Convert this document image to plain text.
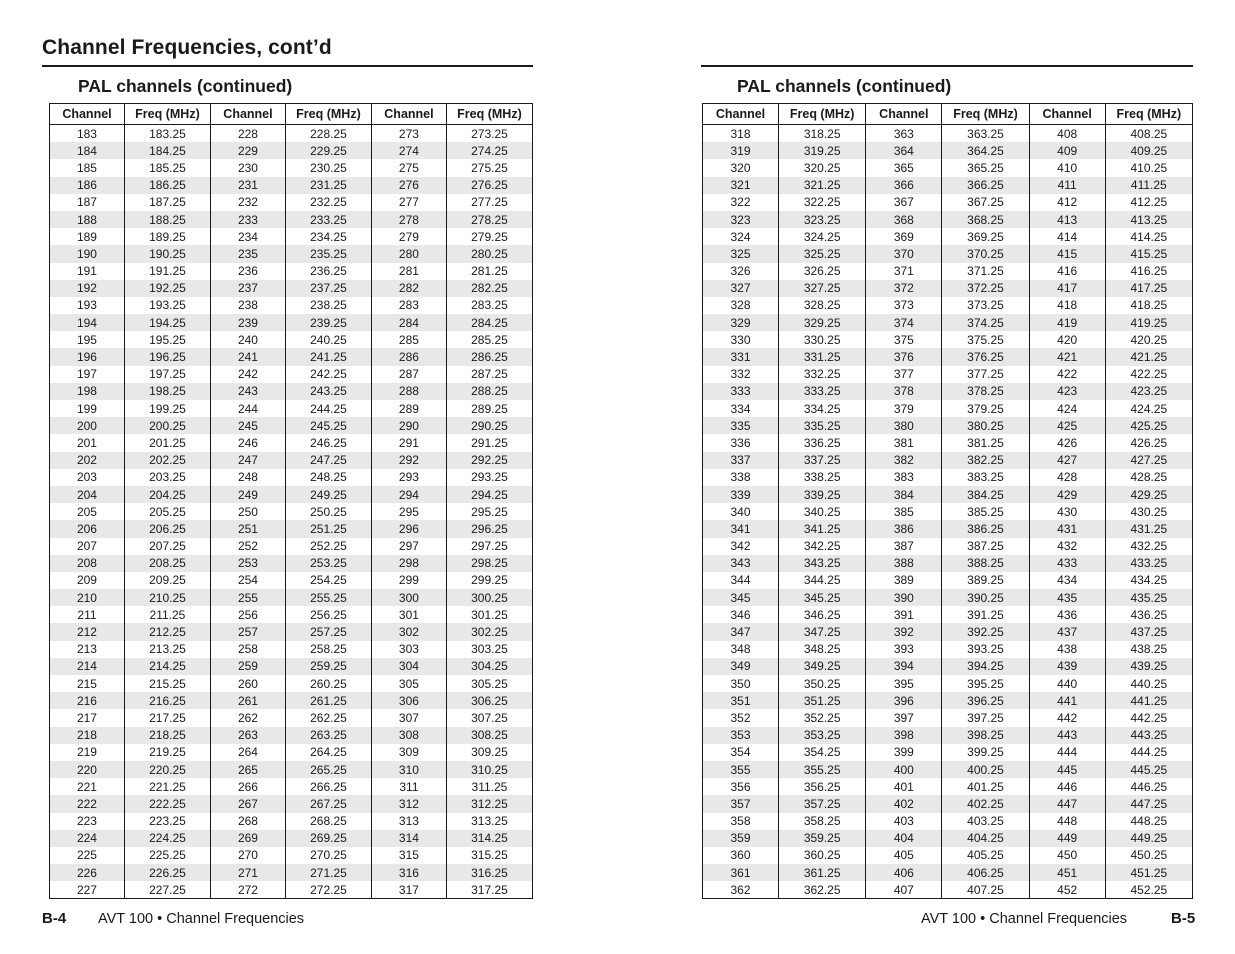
Channel Frequencies, cont’d
PAL channels (continued)
Channel	Freq (MHz)	Channel	Freq (MHz)	Channel	Freq (MHz)
183	183.25	228	228.25	273	273.25
184	184.25	229	229.25	274	274.25
185	185.25	230	230.25	275	275.25
186	186.25	231	231.25	276	276.25
187	187.25	232	232.25	277	277.25
188	188.25	233	233.25	278	278.25
189	189.25	234	234.25	279	279.25
190	190.25	235	235.25	280	280.25
191	191.25	236	236.25	281	281.25
192	192.25	237	237.25	282	282.25
193	193.25	238	238.25	283	283.25
194	194.25	239	239.25	284	284.25
195	195.25	240	240.25	285	285.25
196	196.25	241	241.25	286	286.25
197	197.25	242	242.25	287	287.25
198	198.25	243	243.25	288	288.25
199	199.25	244	244.25	289	289.25
200	200.25	245	245.25	290	290.25
201	201.25	246	246.25	291	291.25
202	202.25	247	247.25	292	292.25
203	203.25	248	248.25	293	293.25
204	204.25	249	249.25	294	294.25
205	205.25	250	250.25	295	295.25
206	206.25	251	251.25	296	296.25
207	207.25	252	252.25	297	297.25
208	208.25	253	253.25	298	298.25
209	209.25	254	254.25	299	299.25
210	210.25	255	255.25	300	300.25
211	211.25	256	256.25	301	301.25
212	212.25	257	257.25	302	302.25
213	213.25	258	258.25	303	303.25
214	214.25	259	259.25	304	304.25
215	215.25	260	260.25	305	305.25
216	216.25	261	261.25	306	306.25
217	217.25	262	262.25	307	307.25
218	218.25	263	263.25	308	308.25
219	219.25	264	264.25	309	309.25
220	220.25	265	265.25	310	310.25
221	221.25	266	266.25	311	311.25
222	222.25	267	267.25	312	312.25
223	223.25	268	268.25	313	313.25
224	224.25	269	269.25	314	314.25
225	225.25	270	270.25	315	315.25
226	226.25	271	271.25	316	316.25
227	227.25	272	272.25	317	317.25
B-4 AVT 100 • Channel Frequencies
PAL channels (continued)
Channel	Freq (MHz)	Channel	Freq (MHz)	Channel	Freq (MHz)
318	318.25	363	363.25	408	408.25
319	319.25	364	364.25	409	409.25
320	320.25	365	365.25	410	410.25
321	321.25	366	366.25	411	411.25
322	322.25	367	367.25	412	412.25
323	323.25	368	368.25	413	413.25
324	324.25	369	369.25	414	414.25
325	325.25	370	370.25	415	415.25
326	326.25	371	371.25	416	416.25
327	327.25	372	372.25	417	417.25
328	328.25	373	373.25	418	418.25
329	329.25	374	374.25	419	419.25
330	330.25	375	375.25	420	420.25
331	331.25	376	376.25	421	421.25
332	332.25	377	377.25	422	422.25
333	333.25	378	378.25	423	423.25
334	334.25	379	379.25	424	424.25
335	335.25	380	380.25	425	425.25
336	336.25	381	381.25	426	426.25
337	337.25	382	382.25	427	427.25
338	338.25	383	383.25	428	428.25
339	339.25	384	384.25	429	429.25
340	340.25	385	385.25	430	430.25
341	341.25	386	386.25	431	431.25
342	342.25	387	387.25	432	432.25
343	343.25	388	388.25	433	433.25
344	344.25	389	389.25	434	434.25
345	345.25	390	390.25	435	435.25
346	346.25	391	391.25	436	436.25
347	347.25	392	392.25	437	437.25
348	348.25	393	393.25	438	438.25
349	349.25	394	394.25	439	439.25
350	350.25	395	395.25	440	440.25
351	351.25	396	396.25	441	441.25
352	352.25	397	397.25	442	442.25
353	353.25	398	398.25	443	443.25
354	354.25	399	399.25	444	444.25
355	355.25	400	400.25	445	445.25
356	356.25	401	401.25	446	446.25
357	357.25	402	402.25	447	447.25
358	358.25	403	403.25	448	448.25
359	359.25	404	404.25	449	449.25
360	360.25	405	405.25	450	450.25
361	361.25	406	406.25	451	451.25
362	362.25	407	407.25	452	452.25
AVT 100 • Channel Frequencies	B-5
